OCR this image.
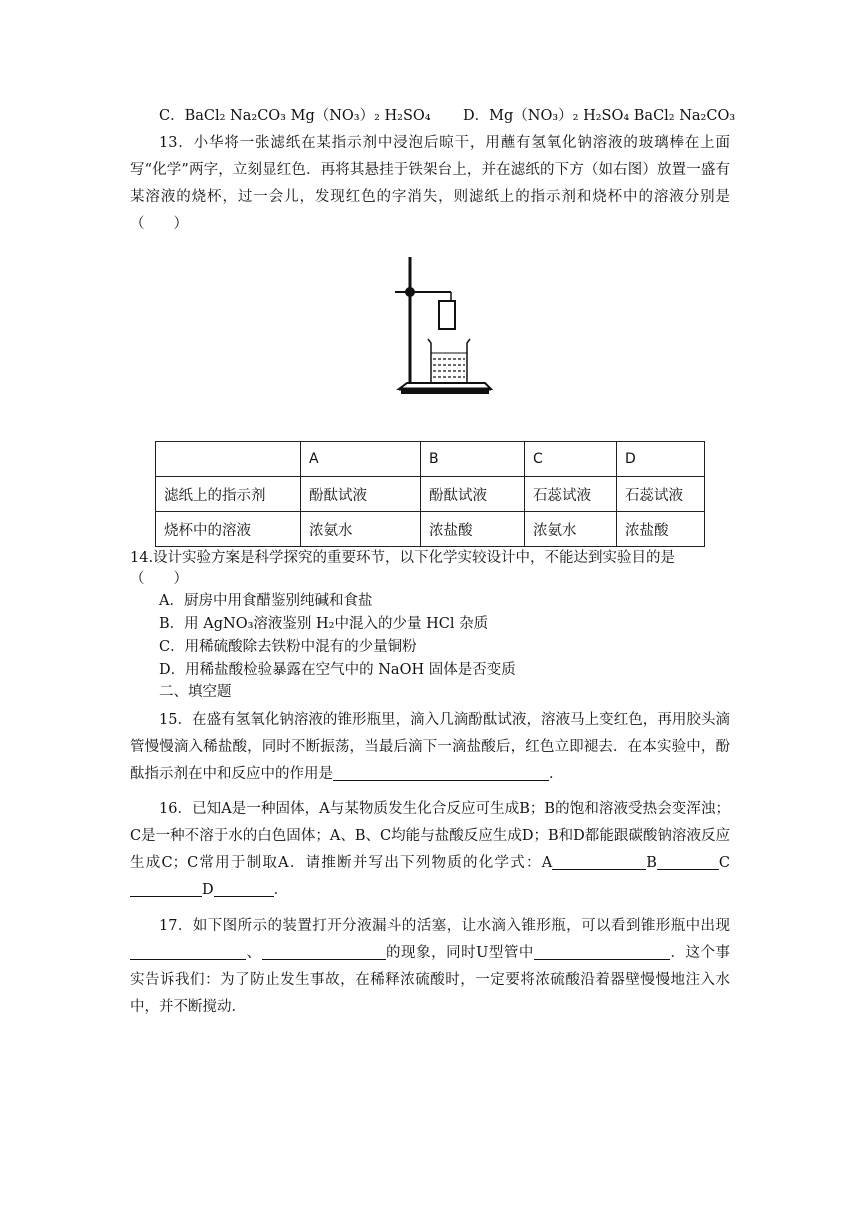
C．BaCl₂ Na₂CO₃ Mg（NO₃）₂ H₂SO₄ D．Mg（NO₃）₂ H₂SO₄ BaCl₂ Na₂CO₃
13．小华将一张滤纸在某指示剂中浸泡后晾干，用蘸有氢氧化钠溶液的玻璃棒在上面写“化学”两字，立刻显红色．再将其悬挂于铁架台上，并在滤纸的下方（如右图）放置一盛有某溶液的烧杯，过一会儿，发现红色的字消失，则滤纸上的指示剂和烧杯中的溶液分别是（　　）
	A	B	C	D
滤纸上的指示剂	酚酞试液	酚酞试液	石蕊试液	石蕊试液
烧杯中的溶液	浓氨水	浓盐酸	浓氨水	浓盐酸
14.设计实验方案是科学探究的重要环节，以下化学实较设计中，不能达到实验目的是
（　　）
A．厨房中用食醋鉴别纯碱和食盐
B．用 AgNO₃溶液鉴别 H₂中混入的少量 HCl 杂质
C．用稀硫酸除去铁粉中混有的少量铜粉
D．用稀盐酸检验暴露在空气中的 NaOH 固体是否变质
二、填空题
15．在盛有氢氧化钠溶液的锥形瓶里，滴入几滴酚酞试液，溶液马上变红色，再用胶头滴管慢慢滴入稀盐酸，同时不断振荡，当最后滴下一滴盐酸后，红色立即褪去．在本实验中，酚酞指示剂在中和反应中的作用是	．
16．已知A是一种固体，A与某物质发生化合反应可生成B；B的饱和溶液受热会变浑浊；C是一种不溶于水的白色固体；A、B、C均能与盐酸反应生成D；B和D都能跟碳酸钠溶液反应生成C；C常用于制取A．请推断并写出下列物质的化学式：A	B	CD	．
17．如下图所示的装置打开分液漏斗的活塞，让水滴入锥形瓶，可以看到锥形瓶中出现、	的现象，同时U型管中	．这个事实告诉我们：为了防止发生事故，在稀释浓硫酸时，一定要将浓硫酸沿着器壁慢慢地注入水中，并不断搅动．
